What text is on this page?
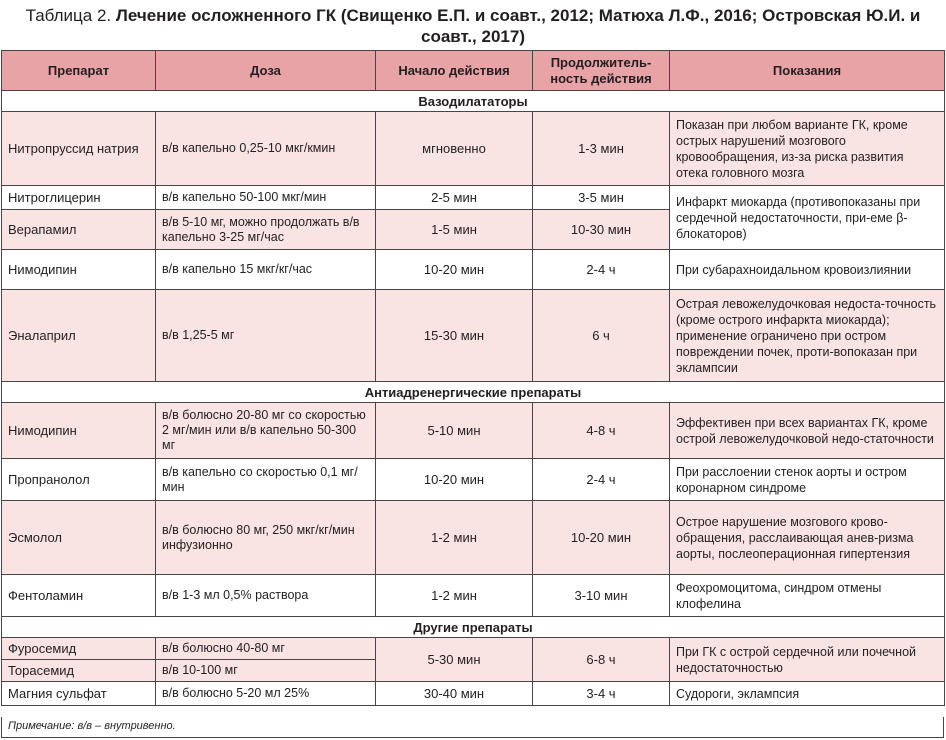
Таблица 2. Лечение осложненного ГК (Свищенко Е.П. и соавт., 2012; Матюха Л.Ф., 2016; Островская Ю.И. и соавт., 2017)
Препарат	Доза	Начало действия	Продолжитель-ность действия	Показания
Вазодилататоры				
Нитропруссид натрия	в/в капельно 0,25-10 мкг/кмин	мгновенно	1-3 мин	Показан при любом варианте ГК, кроме острых нарушений мозгового кровообращения, из-за риска развития отека головного мозга
Нитроглицерин	в/в капельно 50-100 мкг/мин	2-5 мин	3-5 мин	Инфаркт миокарда (противопоказаны при сердечной недостаточности, при-еме β-блокаторов)
Верапамил	в/в 5-10 мг, можно продолжать в/в капельно 3-25 мг/час	1-5 мин	10-30 мин	
Нимодипин	в/в капельно 15 мкг/кг/час	10-20 мин	2-4 ч	При субарахноидальном кровоизлиянии
Эналаприл	в/в 1,25-5 мг	15-30 мин	6 ч	Острая левожелудочковая недоста-точность (кроме острого инфаркта миокарда); применение ограничено при остром повреждении почек, проти-вопоказан при эклампсии
Антиадренергические препараты				
Нимодипин	в/в болюсно 20-80 мг со скоростью 2 мг/мин или в/в капельно 50-300 мг	5-10 мин	4-8 ч	Эффективен при всех вариантах ГК, кроме острой левожелудочковой недо-статочности
Пропранолол	в/в капельно со скоростью 0,1 мг/мин	10-20 мин	2-4 ч	При расслоении стенок аорты и остром коронарном синдроме
Эсмолол	в/в болюсно 80 мг, 250 мкг/кг/мин инфузионно	1-2 мин	10-20 мин	Острое нарушение мозгового крово-обращения, расслаивающая анев-ризма аорты, послеоперационная гипертензия
Фентоламин	в/в 1-3 мл 0,5% раствора	1-2 мин	3-10 мин	Феохромоцитома, синдром отмены клофелина
Другие препараты				
Фуросемид	в/в болюсно 40-80 мг	5-30 мин	6-8 ч	При ГК с острой сердечной или почечной недостаточностью
Торасемид	в/в 10-100 мг			
Магния сульфат	в/в болюсно 5-20 мл 25%	30-40 мин	3-4 ч	Судороги, эклампсия
Примечание: в/в – внутривенно.
